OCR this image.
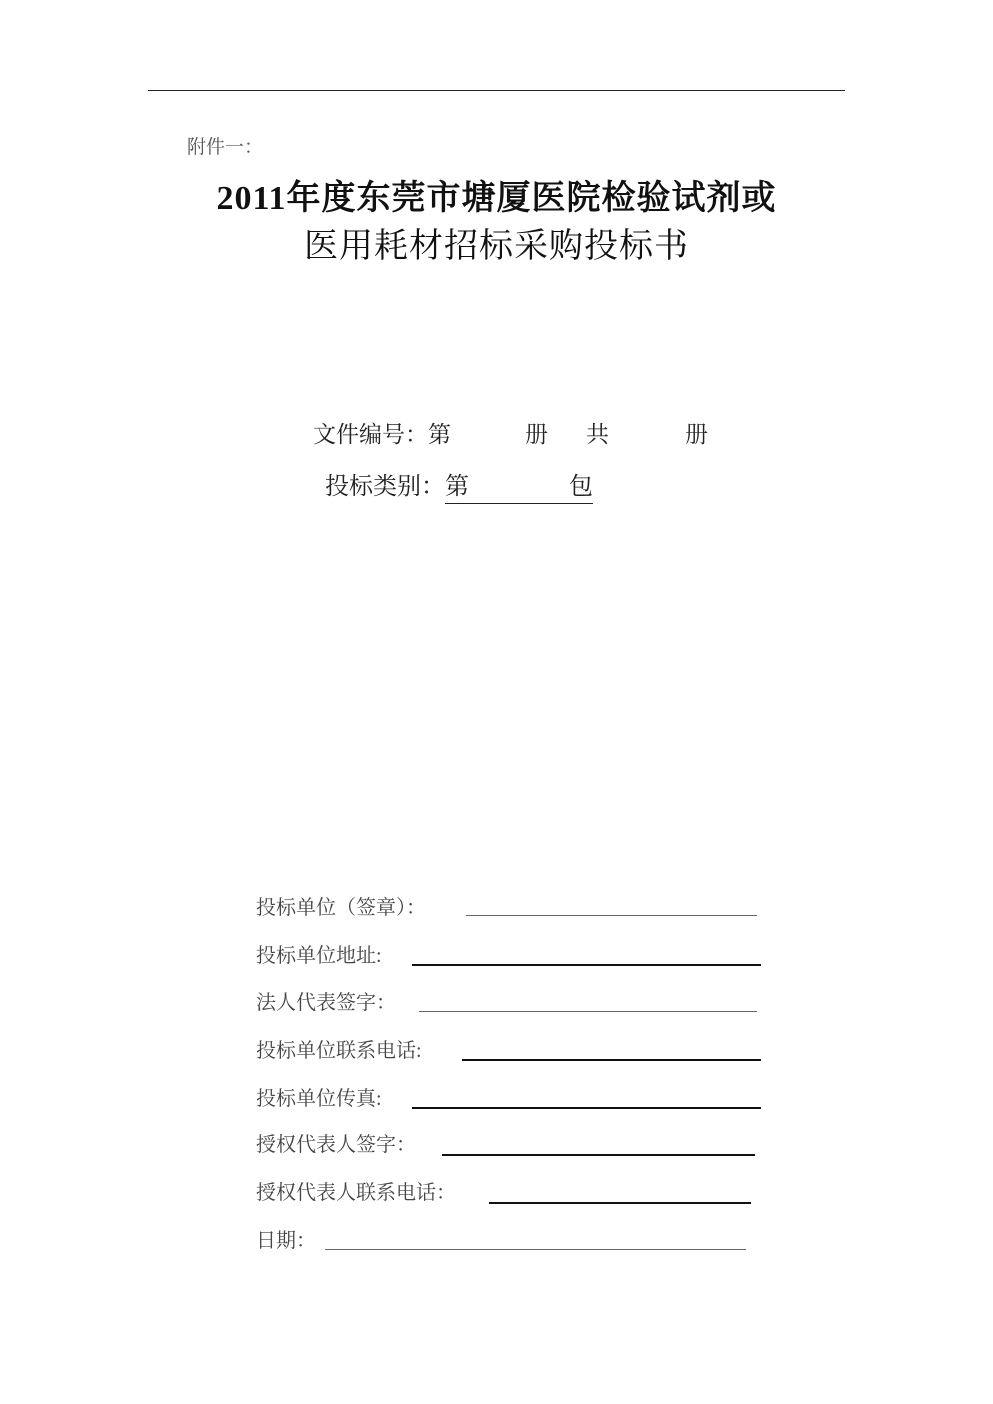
附件一：
2011年度东莞市塘厦医院检验试剂或
医用耗材招标采购投标书
文件编号：第	册 共	册
投标类别：第	包
投标单位（签章）：
投标单位地址:
法人代表签字：
投标单位联系电话:
投标单位传真:
授权代表人签字：
授权代表人联系电话：
日期：
